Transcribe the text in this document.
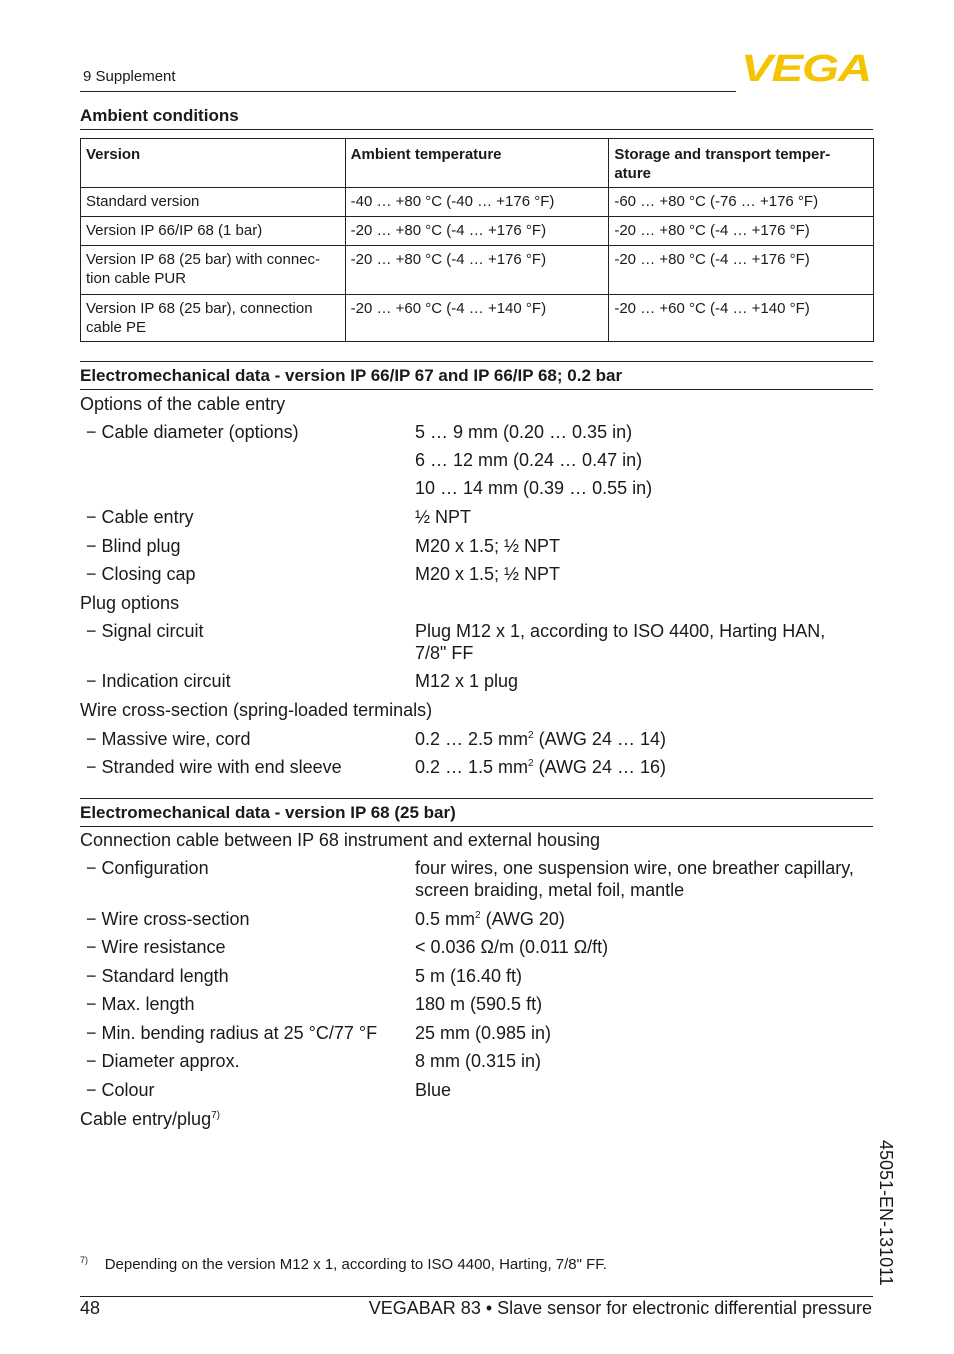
9 Supplement	VEGA
Ambient conditions
Version	Ambient temperature	Storage and transport temper-
ature
Standard version	-40 … +80 °C (-40 … +176 °F)	-60 … +80 °C (-76 … +176 °F)
Version IP 66/IP 68 (1 bar)	-20 … +80 °C (-4 … +176 °F)	-20 … +80 °C (-4 … +176 °F)
Version IP 68 (25 bar) with connec-
tion cable PUR	-20 … +80 °C (-4 … +176 °F)	-20 … +80 °C (-4 … +176 °F)
Version IP 68 (25 bar), connection
cable PE	-20 … +60 °C (-4 … +140 °F)	-20 … +60 °C (-4 … +140 °F)
Electromechanical data - version IP 66/IP 67 and IP 66/IP 68; 0.2 bar
Options of the cable entry
− Cable diameter (options)	5 … 9 mm (0.20 … 0.35 in)
6 … 12 mm (0.24 … 0.47 in)
10 … 14 mm (0.39 … 0.55 in)
− Cable entry	½ NPT
− Blind plug	M20 x 1.5; ½ NPT
− Closing cap	M20 x 1.5; ½ NPT
Plug options
− Signal circuit	Plug M12 x 1, according to ISO 4400, Harting HAN, 7/8" FF
− Indication circuit	M12 x 1 plug
Wire cross-section (spring-loaded terminals)
− Massive wire, cord	0.2 … 2.5 $mm^2$ (AWG 24 … 14)
− Stranded wire with end sleeve	0.2 … 1.5 $mm^2$ (AWG 24 … 16)
Electromechanical data - version IP 68 (25 bar)
Connection cable between IP 68 instrument and external housing
− Configuration	four wires, one suspension wire, one breather capillary, screen braiding, metal foil, mantle
− Wire cross-section	0.5 $mm^2$ (AWG 20)
− Wire resistance	< 0.036 Ω/m (0.011 Ω/ft)
− Standard length	5 m (16.40 ft)
− Max. length	180 m (590.5 ft)
− Min. bending radius at 25 °C/77 °F 25 mm (0.985 in)
− Diameter approx.	8 mm (0.315 in)
− Colour	Blue
Cable entry/plug$^{7)}$
45051-EN-131011
$^{7)}$ Depending on the version M12 x 1, according to ISO 4400, Harting, 7/8" FF.
48	VEGABAR 83 • Slave sensor for electronic differential pressure
